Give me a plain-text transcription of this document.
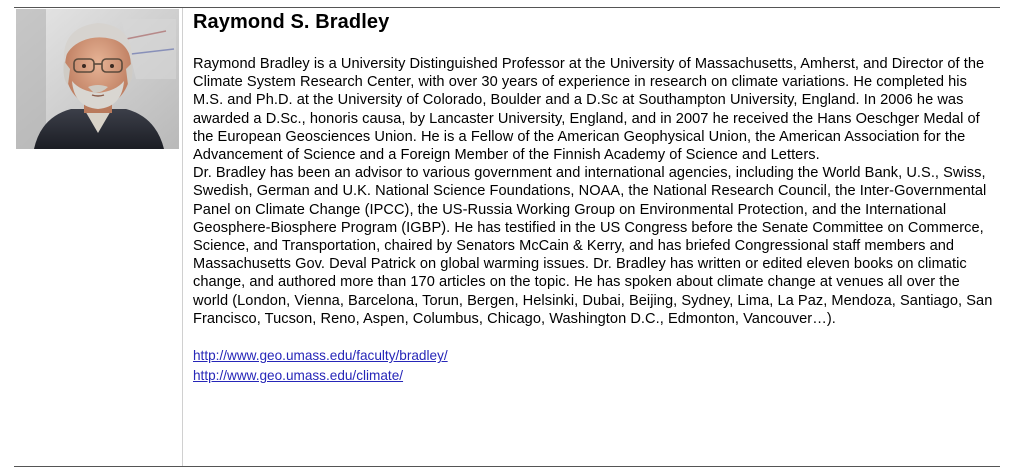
Raymond S. Bradley

Raymond Bradley is a University Distinguished Professor at the University of Massachusetts, Amherst, and Director of the Climate System Research Center, with over 30 years of experience in research on climate variations. He completed his M.S. and Ph.D. at the University of Colorado, Boulder and a D.Sc at Southampton University, England. In 2006 he was awarded a D.Sc., honoris causa, by Lancaster University, England, and in 2007 he received the Hans Oeschger Medal of the European Geosciences Union. He is a Fellow of the American Geophysical Union, the American Association for the Advancement of Science and a Foreign Member of the Finnish Academy of Science and Letters.

Dr. Bradley has been an advisor to various government and international agencies, including the World Bank, U.S., Swiss, Swedish, German and U.K. National Science Foundations, NOAA, the National Research Council, the Inter-Governmental Panel on Climate Change (IPCC), the US-Russia Working Group on Environmental Protection, and the International Geosphere-Biosphere Program (IGBP). He has testified in the US Congress before the Senate Committee on Commerce, Science, and Transportation, chaired by Senators McCain & Kerry, and has briefed Congressional staff members and Massachusetts Gov. Deval Patrick on global warming issues. Dr. Bradley has written or edited eleven books on climatic change, and authored more than 170 articles on the topic. He has spoken about climate change at venues all over the world (London, Vienna, Barcelona, Torun, Bergen, Helsinki, Dubai, Beijing, Sydney, Lima, La Paz, Mendoza, Santiago, San Francisco, Tucson, Reno, Aspen, Columbus, Chicago, Washington D.C., Edmonton, Vancouver…).

http://www.geo.umass.edu/faculty/bradley/
http://www.geo.umass.edu/climate/
